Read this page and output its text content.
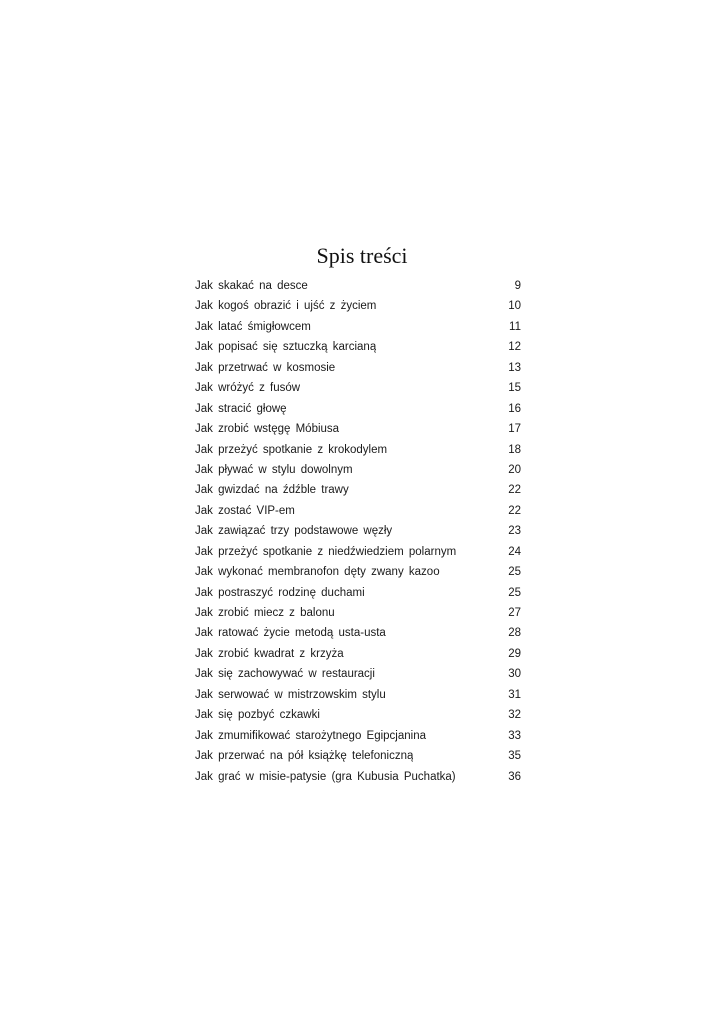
Spis treści
Jak skakać na desce	9
Jak kogoś obrazić i ujść z życiem	10
Jak latać śmigłowcem	11
Jak popisać się sztuczką karcianą	12
Jak przetrwać w kosmosie	13
Jak wróżyć z fusów	15
Jak stracić głowę	16
Jak zrobić wstęgę Móbiusa	17
Jak przeżyć spotkanie z krokodylem	18
Jak pływać w stylu dowolnym	20
Jak gwizdać na źdźble trawy	22
Jak zostać VIP-em	22
Jak zawiązać trzy podstawowe węzły	23
Jak przeżyć spotkanie z niedźwiedziem polarnym	24
Jak wykonać membranofon dęty zwany kazoo	25
Jak postraszyć rodzinę duchami	25
Jak zrobić miecz z balonu	27
Jak ratować życie metodą usta-usta	28
Jak zrobić kwadrat z krzyża	29
Jak się zachowywać w restauracji	30
Jak serwować w mistrzowskim stylu	31
Jak się pozbyć czkawki	32
Jak zmumifikować starożytnego Egipcjanina	33
Jak przerwać na pół książkę telefoniczną	35
Jak grać w misie-patysie (gra Kubusia Puchatka)	36
